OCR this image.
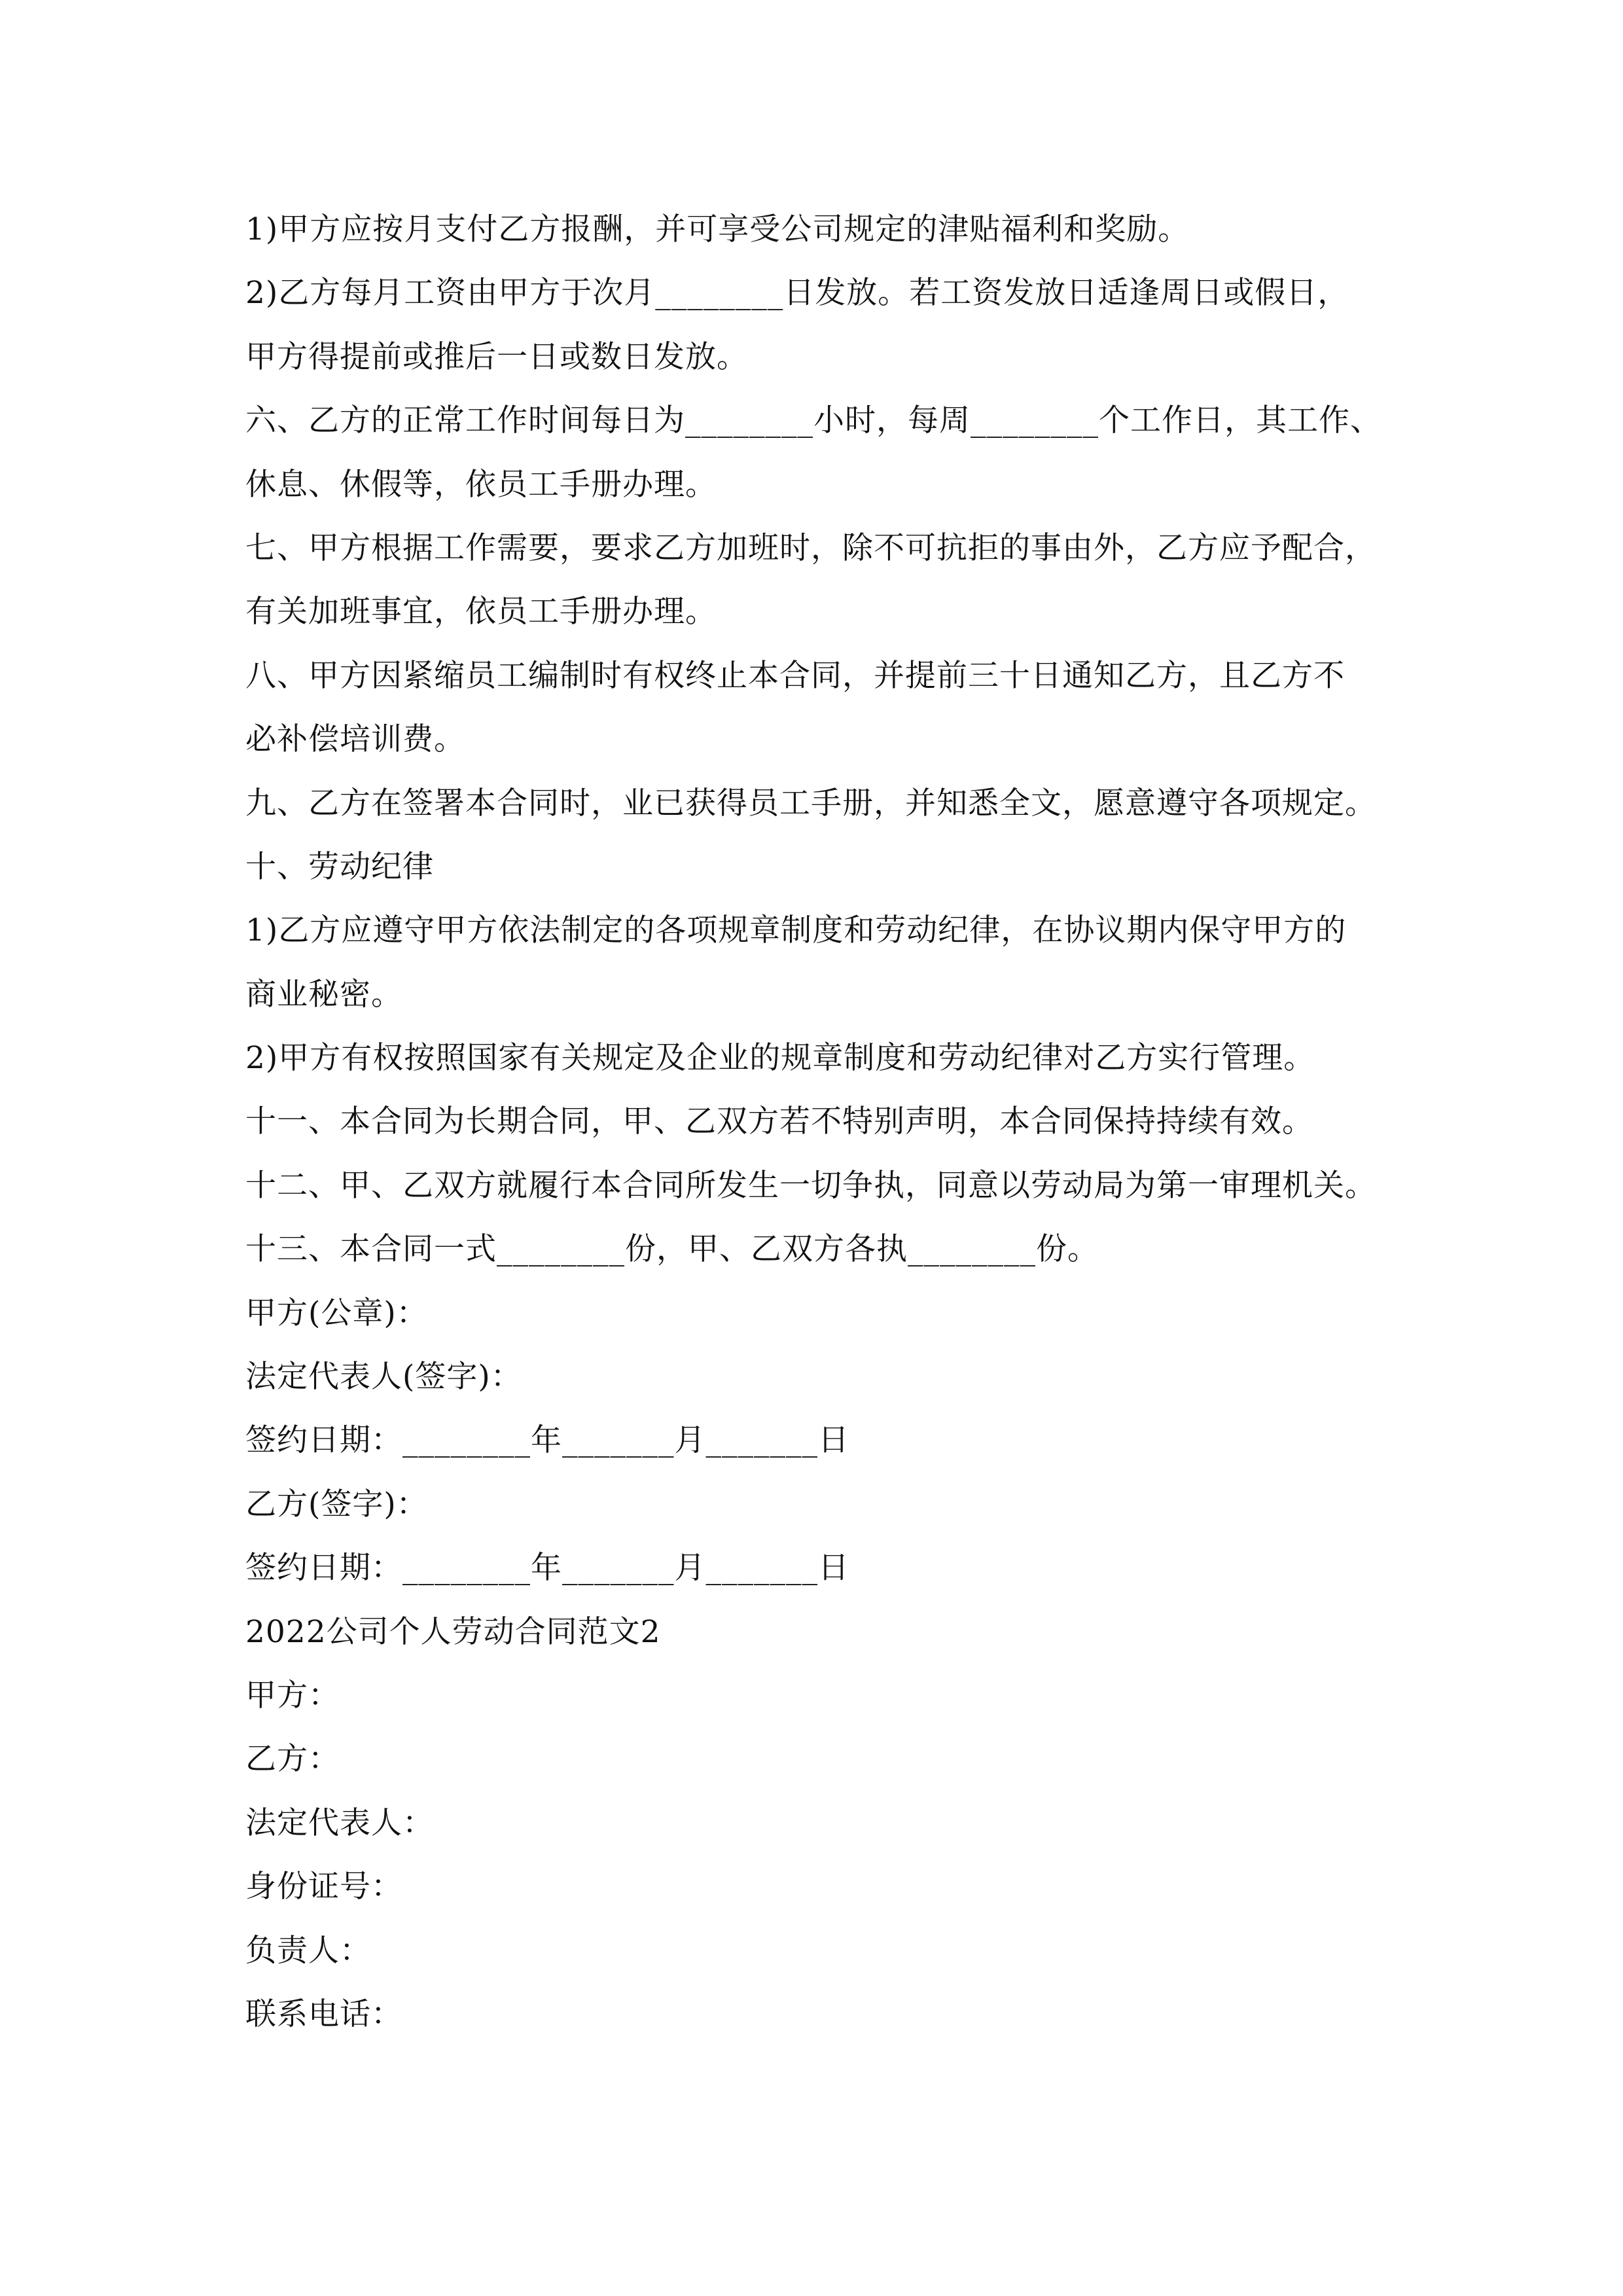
1)甲方应按月支付乙方报酬，并可享受公司规定的津贴福利和奖励。
2)乙方每月工资由甲方于次月________日发放。若工资发放日适逢周日或假日，
甲方得提前或推后一日或数日发放。
六、乙方的正常工作时间每日为________小时，每周________个工作日，其工作、
休息、休假等，依员工手册办理。
七、甲方根据工作需要，要求乙方加班时，除不可抗拒的事由外，乙方应予配合，
有关加班事宜，依员工手册办理。
八、甲方因紧缩员工编制时有权终止本合同，并提前三十日通知乙方，且乙方不
必补偿培训费。
九、乙方在签署本合同时，业已获得员工手册，并知悉全文，愿意遵守各项规定。
十、劳动纪律
1)乙方应遵守甲方依法制定的各项规章制度和劳动纪律，在协议期内保守甲方的
商业秘密。
2)甲方有权按照国家有关规定及企业的规章制度和劳动纪律对乙方实行管理。
十一、本合同为长期合同，甲、乙双方若不特别声明，本合同保持持续有效。
十二、甲、乙双方就履行本合同所发生一切争执，同意以劳动局为第一审理机关。
十三、本合同一式________份，甲、乙双方各执________份。
甲方(公章)：
法定代表人(签字)：
签约日期：________年_______月_______日
乙方(签字)：
签约日期：________年_______月_______日
2022公司个人劳动合同范文2
甲方：
乙方：
法定代表人：
身份证号：
负责人：
联系电话：
